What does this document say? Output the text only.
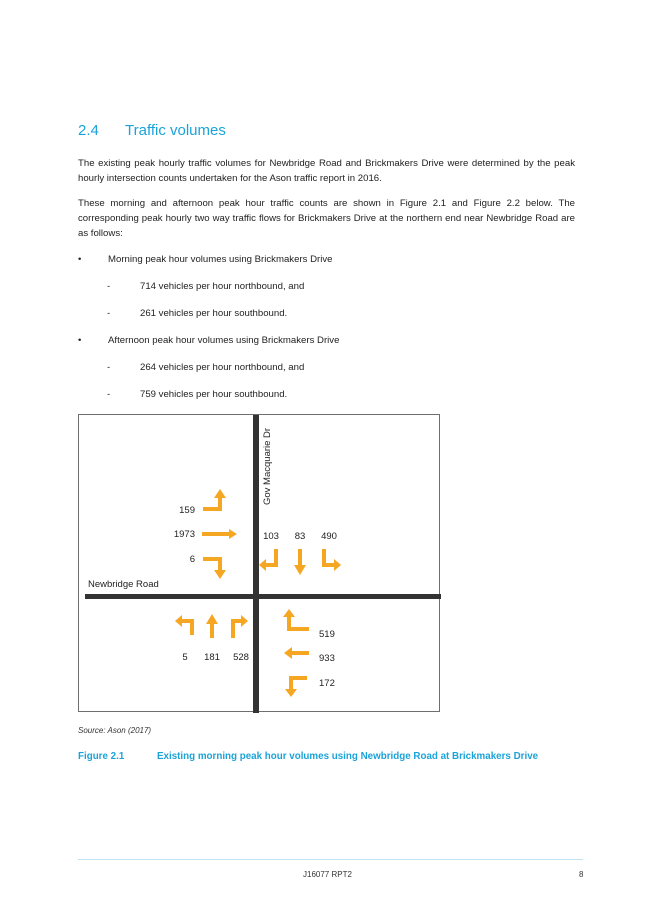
2.4 Traffic volumes
The existing peak hourly traffic volumes for Newbridge Road and Brickmakers Drive were determined by the peak hourly intersection counts undertaken for the Ason traffic report in 2016.
These morning and afternoon peak hour traffic counts are shown in Figure 2.1 and Figure 2.2 below. The corresponding peak hourly two way traffic flows for Brickmakers Drive at the northern end near Newbridge Road are as follows:
•	Morning peak hour volumes using Brickmakers Drive
-	714 vehicles per hour northbound, and
-	261 vehicles per hour southbound.
•	Afternoon peak hour volumes using Brickmakers Drive
-	264 vehicles per hour northbound, and
-	759 vehicles per hour southbound.
Gov Macquarie Dr
Newbridge Road
159
1973
6
103 83 490
5 181 528
519
933
172
Source: Ason (2017)
Figure 2.1	Existing morning peak hour volumes using Newbridge Road at Brickmakers Drive
J16077 RPT2	8
